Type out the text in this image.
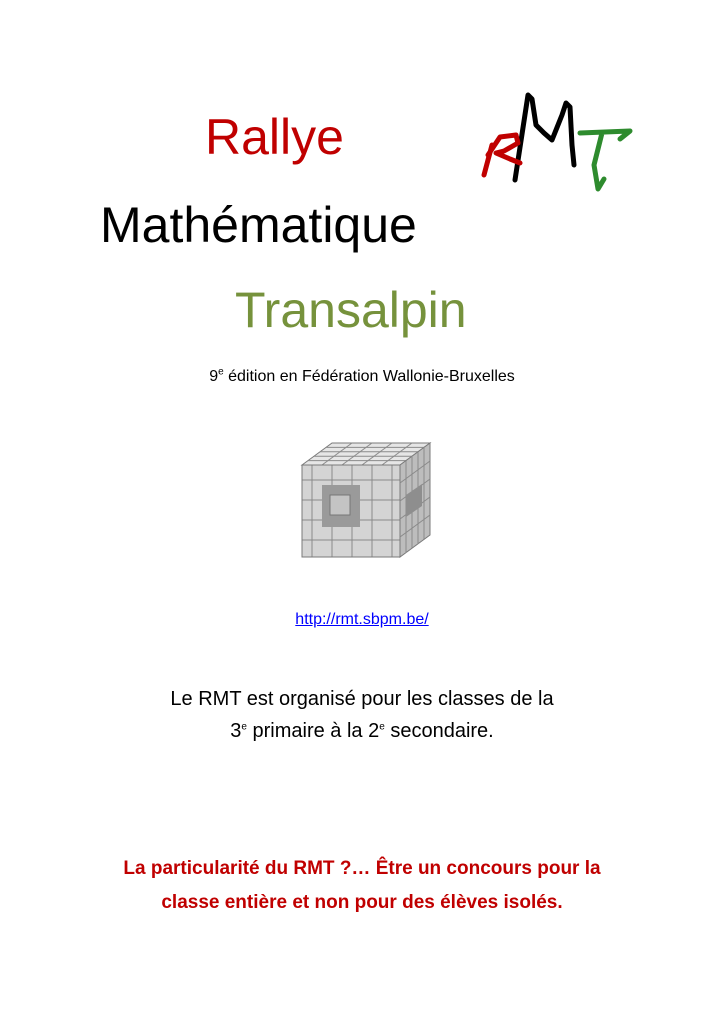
Rallye
Mathématique
Transalpin
9e édition en Fédération Wallonie-Bruxelles
http://rmt.sbpm.be/
Le RMT est organisé pour les classes de la
3e primaire à la 2e secondaire.
La particularité du RMT ?… Être un concours pour la
classe entière et non pour des élèves isolés.
